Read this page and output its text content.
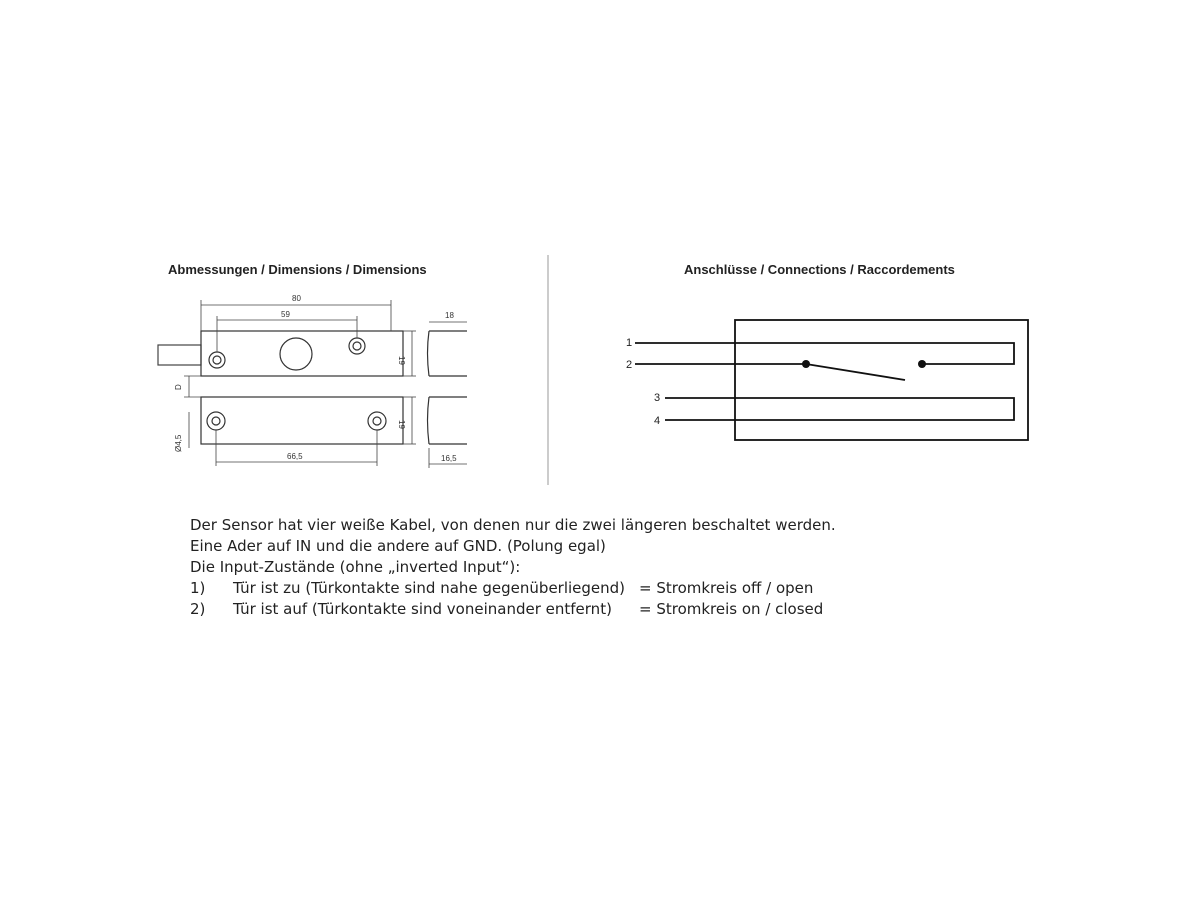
Abmessungen / Dimensions / Dimensions	Anschlüsse / Connections / Raccordements
80
59
19
18
D
Ø4,5
19
66,5	16,5
1
2
3
4
Der Sensor hat vier weiße Kabel, von denen nur die zwei längeren beschaltet werden.
Eine Ader auf IN und die andere auf GND. (Polung egal)
Die Input-Zustände (ohne „inverted Input“):
1) Tür ist zu (Türkontakte sind nahe gegenüberliegend) = Stromkreis off / open
2) Tür ist auf (Türkontakte sind voneinander entfernt) = Stromkreis on / closed
